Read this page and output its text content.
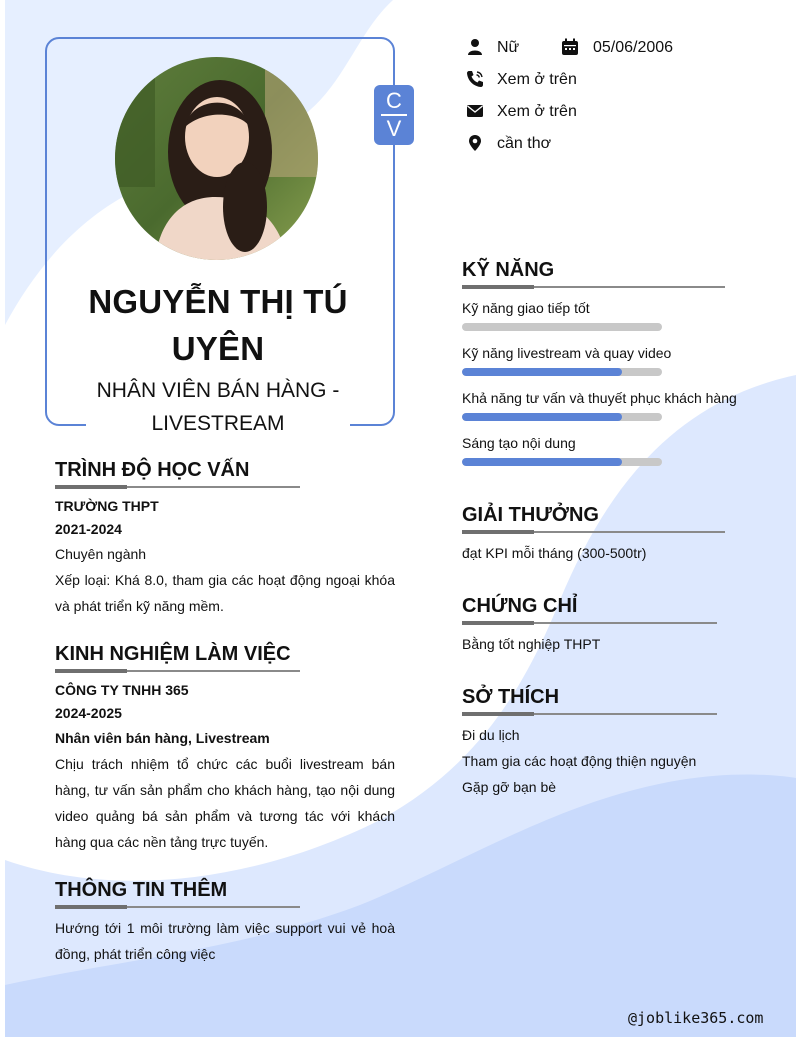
C
V
NGUYỄN THỊ TÚ UYÊN
NHÂN VIÊN BÁN HÀNG - LIVESTREAM
Nữ	05/06/2006
Xem ở trên
Xem ở trên
cần thơ
TRÌNH ĐỘ HỌC VẤN
TRƯỜNG THPT
2021-2024
Chuyên ngành
Xếp loại: Khá 8.0, tham gia các hoạt động ngoại khóa và phát triển kỹ năng mềm.
KINH NGHIỆM LÀM VIỆC
CÔNG TY TNHH 365
2024-2025
Nhân viên bán hàng, Livestream
Chịu trách nhiệm tổ chức các buổi livestream bán hàng, tư vấn sản phẩm cho khách hàng, tạo nội dung video quảng bá sản phẩm và tương tác với khách hàng qua các nền tảng trực tuyến.
THÔNG TIN THÊM
Hướng tới 1 môi trường làm việc support vui vẻ hoà đồng, phát triển công việc
KỸ NĂNG
Kỹ năng giao tiếp tốt
Kỹ năng livestream và quay video
Khả năng tư vấn và thuyết phục khách hàng
Sáng tạo nội dung
GIẢI THƯỞNG
đạt KPI mỗi tháng (300-500tr)
CHỨNG CHỈ
Bằng tốt nghiệp THPT
SỞ THÍCH
Đi du lịch
Tham gia các hoạt động thiện nguyện
Gặp gỡ bạn bè
@joblike365.com
